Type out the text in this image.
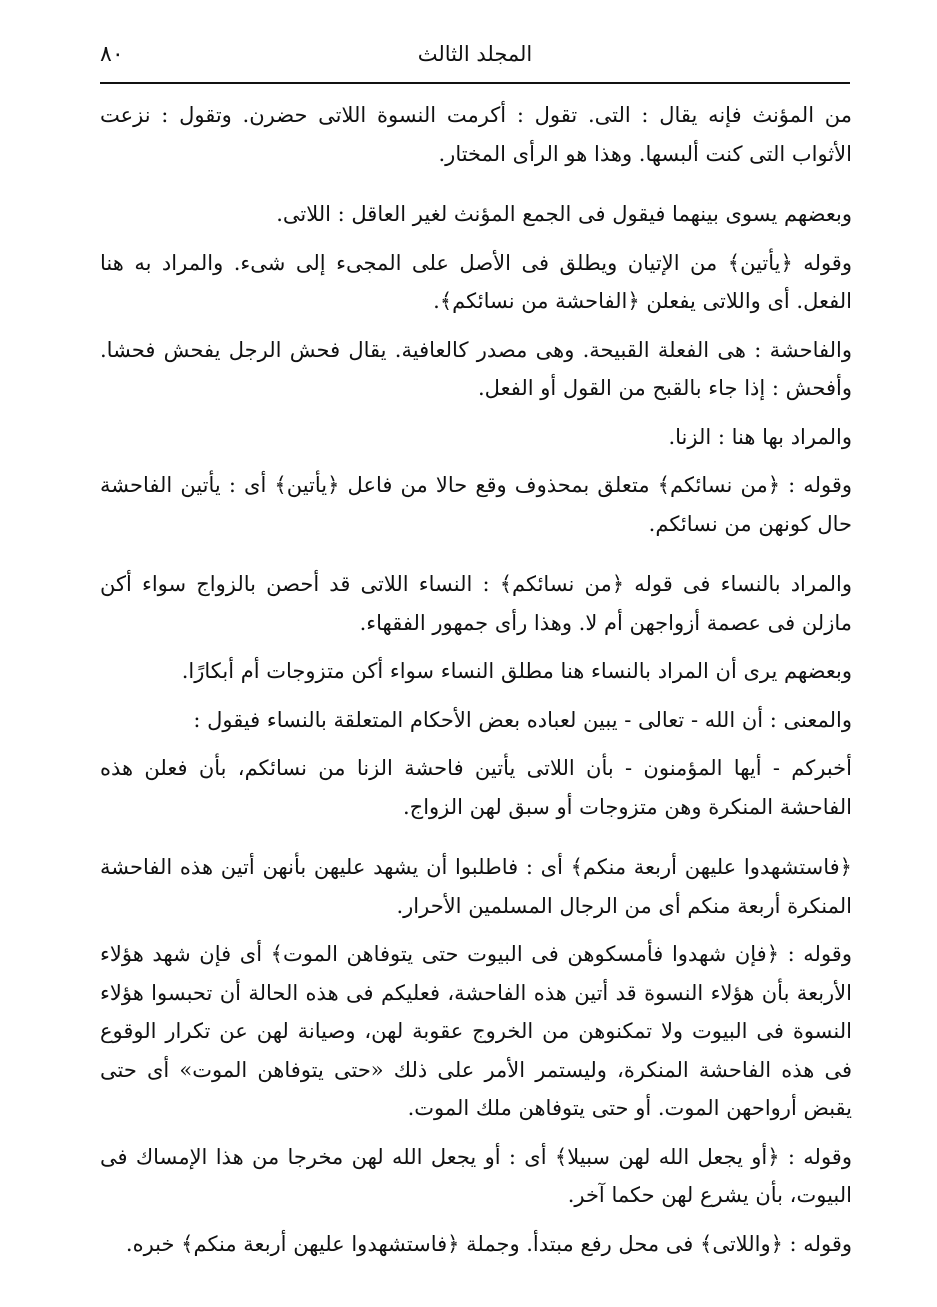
٨٠	المجلد الثالث

من المؤنث فإنه يقال : التى. تقول : أكرمت النسوة اللاتى حضرن. وتقول : نزعت الأثواب التى كنت ألبسها. وهذا هو الرأى المختار.

وبعضهم يسوى بينهما فيقول فى الجمع المؤنث لغير العاقل : اللاتى.

وقوله ﴿يأتين﴾ من الإتيان ويطلق فى الأصل على المجىء إلى شىء. والمراد به هنا الفعل. أى واللاتى يفعلن ﴿الفاحشة من نسائكم﴾.

والفاحشة : هى الفعلة القبيحة. وهى مصدر كالعافية. يقال فحش الرجل يفحش فحشا. وأفحش : إذا جاء بالقبح من القول أو الفعل.

والمراد بها هنا : الزنا.

وقوله : ﴿من نسائكم﴾ متعلق بمحذوف وقع حالا من فاعل ﴿يأتين﴾ أى : يأتين الفاحشة حال كونهن من نسائكم.

والمراد بالنساء فى قوله ﴿من نسائكم﴾ : النساء اللاتى قد أحصن بالزواج سواء أكن مازلن فى عصمة أزواجهن أم لا. وهذا رأى جمهور الفقهاء.

وبعضهم يرى أن المراد بالنساء هنا مطلق النساء سواء أكن متزوجات أم أبكارًا.

والمعنى : أن الله - تعالى - يبين لعباده بعض الأحكام المتعلقة بالنساء فيقول :

أخبركم - أيها المؤمنون - بأن اللاتى يأتين فاحشة الزنا من نسائكم، بأن فعلن هذه الفاحشة المنكرة وهن متزوجات أو سبق لهن الزواج.

﴿فاستشهدوا عليهن أربعة منكم﴾ أى : فاطلبوا أن يشهد عليهن بأنهن أتين هذه الفاحشة المنكرة أربعة منكم أى من الرجال المسلمين الأحرار.

وقوله : ﴿فإن شهدوا فأمسكوهن فى البيوت حتى يتوفاهن الموت﴾ أى فإن شهد هؤلاء الأربعة بأن هؤلاء النسوة قد أتين هذه الفاحشة، فعليكم فى هذه الحالة أن تحبسوا هؤلاء النسوة فى البيوت ولا تمكنوهن من الخروج عقوبة لهن، وصيانة لهن عن تكرار الوقوع فى هذه الفاحشة المنكرة، وليستمر الأمر على ذلك «حتى يتوفاهن الموت» أى حتى يقبض أرواحهن الموت. أو حتى يتوفاهن ملك الموت.

وقوله : ﴿أو يجعل الله لهن سبيلا﴾ أى : أو يجعل الله لهن مخرجا من هذا الإمساك فى البيوت، بأن يشرع لهن حكما آخر.

وقوله : ﴿واللاتى﴾ فى محل رفع مبتدأ. وجملة ﴿فاستشهدوا عليهن أربعة منكم﴾ خبره.
